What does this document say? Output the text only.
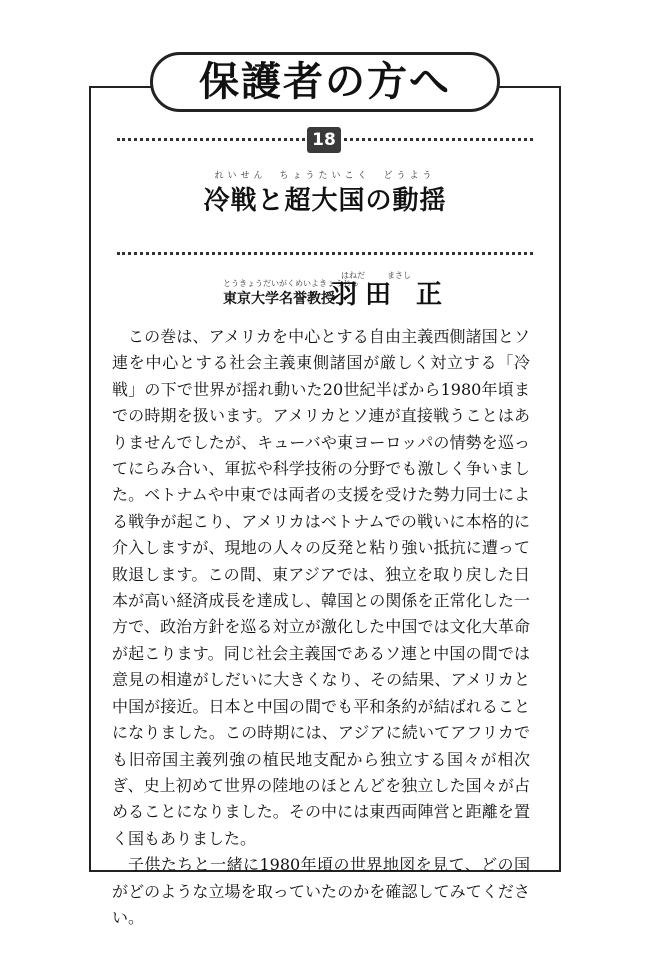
保護者の方へ
18
れいせん　ちょうたいこく　どうよう
冷戦と超大国の動揺
とうきょうだいがくめいよきょうじゅ
東京大学名誉教授
はねだ	まさし
羽田 正

この巻は、アメリカを中心とする自由主義西側諸国とソ連を中心とする社会主義東側諸国が厳しく対立する「冷戦」の下で世界が揺れ動いた20世紀半ばから1980年頃までの時期を扱います。アメリカとソ連が直接戦うことはありませんでしたが、キューバや東ヨーロッパの情勢を巡ってにらみ合い、軍拡や科学技術の分野でも激しく争いました。ベトナムや中東では両者の支援を受けた勢力同士による戦争が起こり、アメリカはベトナムでの戦いに本格的に介入しますが、現地の人々の反発と粘り強い抵抗に遭って敗退します。この間、東アジアでは、独立を取り戻した日本が高い経済成長を達成し、韓国との関係を正常化した一方で、政治方針を巡る対立が激化した中国では文化大革命が起こります。同じ社会主義国であるソ連と中国の間では意見の相違がしだいに大きくなり、その結果、アメリカと中国が接近。日本と中国の間でも平和条約が結ばれることになりました。この時期には、アジアに続いてアフリカでも旧帝国主義列強の植民地支配から独立する国々が相次ぎ、史上初めて世界の陸地のほとんどを独立した国々が占めることになりました。その中には東西両陣営と距離を置く国もありました。

子供たちと一緒に1980年頃の世界地図を見て、どの国がどのような立場を取っていたのかを確認してみてください。
